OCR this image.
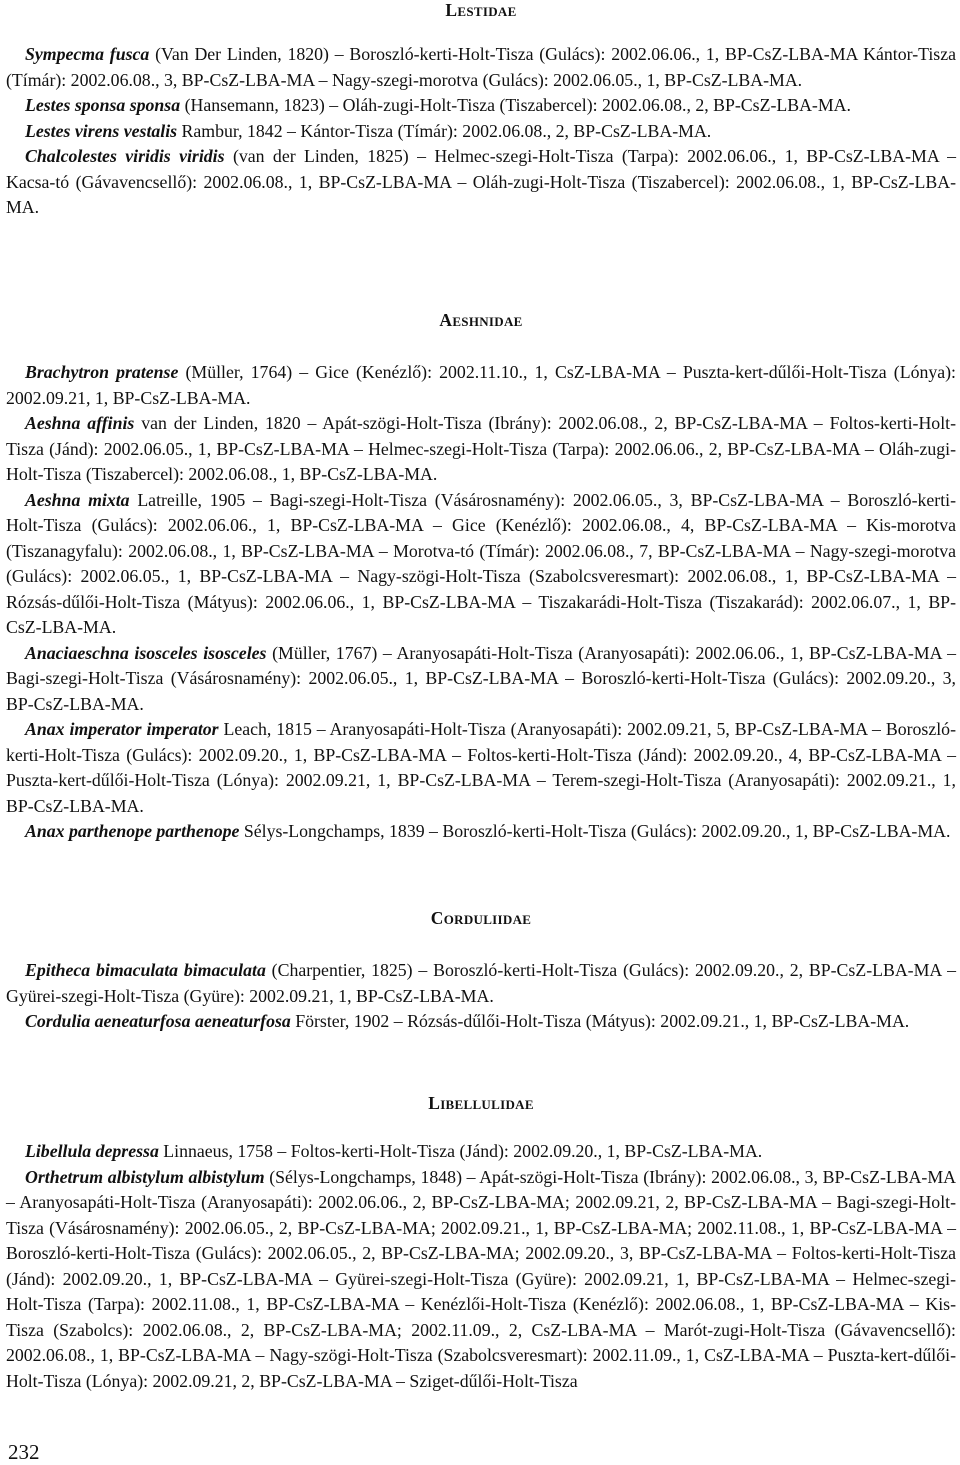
LESTIDAE

Sympecma fusca (Van Der Linden, 1820) – Boroszló-kerti-Holt-Tisza (Gulács): 2002.06.06., 1, BP-CsZ-LBA-MA Kántor-Tisza (Tímár): 2002.06.08., 3, BP-CsZ-LBA-MA – Nagy-szegi-morotva (Gulács): 2002.06.05., 1, BP-CsZ-LBA-MA.

Lestes sponsa sponsa (Hansemann, 1823) – Oláh-zugi-Holt-Tisza (Tiszabercel): 2002.06.08., 2, BP-CsZ-LBA-MA.

Lestes virens vestalis Rambur, 1842 – Kántor-Tisza (Tímár): 2002.06.08., 2, BP-CsZ-LBA-MA.

Chalcolestes viridis viridis (van der Linden, 1825) – Helmec-szegi-Holt-Tisza (Tarpa): 2002.06.06., 1, BP-CsZ-LBA-MA – Kacsa-tó (Gávavencsellő): 2002.06.08., 1, BP-CsZ-LBA-MA – Oláh-zugi-Holt-Tisza (Tiszabercel): 2002.06.08., 1, BP-CsZ-LBA-MA.

AESHNIDAE

Brachytron pratense (Müller, 1764) – Gice (Kenézlő): 2002.11.10., 1, CsZ-LBA-MA – Puszta-kert-dűlői-Holt-Tisza (Lónya): 2002.09.21, 1, BP-CsZ-LBA-MA.

Aeshna affinis van der Linden, 1820 – Apát-szögi-Holt-Tisza (Ibrány): 2002.06.08., 2, BP-CsZ-LBA-MA – Foltos-kerti-Holt-Tisza (Jánd): 2002.06.05., 1, BP-CsZ-LBA-MA – Helmec-szegi-Holt-Tisza (Tarpa): 2002.06.06., 2, BP-CsZ-LBA-MA – Oláh-zugi-Holt-Tisza (Tiszabercel): 2002.06.08., 1, BP-CsZ-LBA-MA.

Aeshna mixta Latreille, 1905 – Bagi-szegi-Holt-Tisza (Vásárosnamény): 2002.06.05., 3, BP-CsZ-LBA-MA – Boroszló-kerti-Holt-Tisza (Gulács): 2002.06.06., 1, BP-CsZ-LBA-MA – Gice (Kenézlő): 2002.06.08., 4, BP-CsZ-LBA-MA – Kis-morotva (Tiszanagyfalu): 2002.06.08., 1, BP-CsZ-LBA-MA – Morotva-tó (Tímár): 2002.06.08., 7, BP-CsZ-LBA-MA – Nagy-szegi-morotva (Gulács): 2002.06.05., 1, BP-CsZ-LBA-MA – Nagy-szögi-Holt-Tisza (Szabolcsveresmart): 2002.06.08., 1, BP-CsZ-LBA-MA – Rózsás-dűlői-Holt-Tisza (Mátyus): 2002.06.06., 1, BP-CsZ-LBA-MA – Tiszakarádi-Holt-Tisza (Tiszakarád): 2002.06.07., 1, BP-CsZ-LBA-MA.

Anaciaeschna isosceles isosceles (Müller, 1767) – Aranyosapáti-Holt-Tisza (Aranyosapáti): 2002.06.06., 1, BP-CsZ-LBA-MA – Bagi-szegi-Holt-Tisza (Vásárosnamény): 2002.06.05., 1, BP-CsZ-LBA-MA – Boroszló-kerti-Holt-Tisza (Gulács): 2002.09.20., 3, BP-CsZ-LBA-MA.

Anax imperator imperator Leach, 1815 – Aranyosapáti-Holt-Tisza (Aranyosapáti): 2002.09.21, 5, BP-CsZ-LBA-MA – Boroszló-kerti-Holt-Tisza (Gulács): 2002.09.20., 1, BP-CsZ-LBA-MA – Foltos-kerti-Holt-Tisza (Jánd): 2002.09.20., 4, BP-CsZ-LBA-MA – Puszta-kert-dűlői-Holt-Tisza (Lónya): 2002.09.21, 1, BP-CsZ-LBA-MA – Terem-szegi-Holt-Tisza (Aranyosapáti): 2002.09.21., 1, BP-CsZ-LBA-MA.

Anax parthenope parthenope Sélys-Longchamps, 1839 – Boroszló-kerti-Holt-Tisza (Gulács): 2002.09.20., 1, BP-CsZ-LBA-MA.

CORDULIIDAE

Epitheca bimaculata bimaculata (Charpentier, 1825) – Boroszló-kerti-Holt-Tisza (Gulács): 2002.09.20., 2, BP-CsZ-LBA-MA – Gyürei-szegi-Holt-Tisza (Gyüre): 2002.09.21, 1, BP-CsZ-LBA-MA.

Cordulia aeneaturfosa aeneaturfosa Förster, 1902 – Rózsás-dűlői-Holt-Tisza (Mátyus): 2002.09.21., 1, BP-CsZ-LBA-MA.

LIBELLULIDAE

Libellula depressa Linnaeus, 1758 – Foltos-kerti-Holt-Tisza (Jánd): 2002.09.20., 1, BP-CsZ-LBA-MA.

Orthetrum albistylum albistylum (Sélys-Longchamps, 1848) – Apát-szögi-Holt-Tisza (Ibrány): 2002.06.08., 3, BP-CsZ-LBA-MA – Aranyosapáti-Holt-Tisza (Aranyosapáti): 2002.06.06., 2, BP-CsZ-LBA-MA; 2002.09.21, 2, BP-CsZ-LBA-MA – Bagi-szegi-Holt-Tisza (Vásárosnamény): 2002.06.05., 2, BP-CsZ-LBA-MA; 2002.09.21., 1, BP-CsZ-LBA-MA; 2002.11.08., 1, BP-CsZ-LBA-MA – Boroszló-kerti-Holt-Tisza (Gulács): 2002.06.05., 2, BP-CsZ-LBA-MA; 2002.09.20., 3, BP-CsZ-LBA-MA – Foltos-kerti-Holt-Tisza (Jánd): 2002.09.20., 1, BP-CsZ-LBA-MA – Gyürei-szegi-Holt-Tisza (Gyüre): 2002.09.21, 1, BP-CsZ-LBA-MA – Helmec-szegi-Holt-Tisza (Tarpa): 2002.11.08., 1, BP-CsZ-LBA-MA – Kenézlői-Holt-Tisza (Kenézlő): 2002.06.08., 1, BP-CsZ-LBA-MA – Kis-Tisza (Szabolcs): 2002.06.08., 2, BP-CsZ-LBA-MA; 2002.11.09., 2, CsZ-LBA-MA – Marót-zugi-Holt-Tisza (Gávavencsellő): 2002.06.08., 1, BP-CsZ-LBA-MA – Nagy-szögi-Holt-Tisza (Szabolcsveresmart): 2002.11.09., 1, CsZ-LBA-MA – Puszta-kert-dűlői-Holt-Tisza (Lónya): 2002.09.21, 2, BP-CsZ-LBA-MA – Sziget-dűlői-Holt-Tisza

232
